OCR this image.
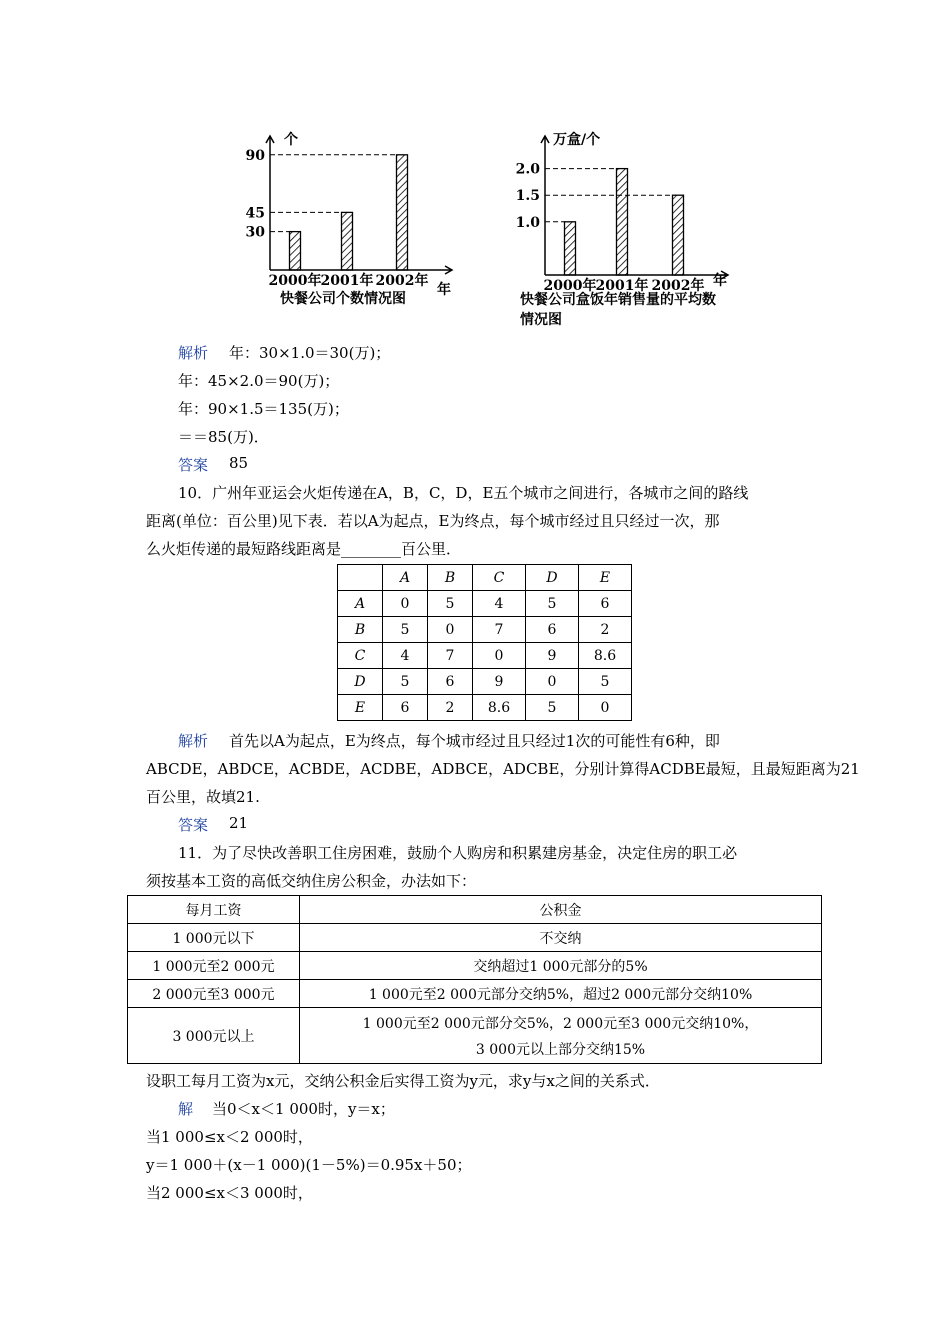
个
年
30
2000年
45
2001年
90
2002年
快餐公司个数情况图
万盒/个
年
1.0
2000年
2.0
2001年
1.5
2002年
快餐公司盒饭年销售量的平均数
情况图
解析 年：30×1.0＝30(万)；
年：45×2.0＝90(万)；
年：90×1.5＝135(万)；
＝＝85(万)．
答案 85
10．广州年亚运会火炬传递在A，B，C，D，E五个城市之间进行，各城市之间的路线
距离(单位：百公里)见下表．若以A为起点，E为终点，每个城市经过且只经过一次，那
么火炬传递的最短路线距离是________百公里．
	A	B	C	D	E
A	0	5	4	5	6
B	5	0	7	6	2
C	4	7	0	9	8.6
D	5	6	9	0	5
E	6	2	8.6	5	0
解析 首先以A为起点，E为终点，每个城市经过且只经过1次的可能性有6种，即
ABCDE，ABDCE，ACBDE，ACDBE，ADBCE，ADCBE，分别计算得ACDBE最短，且最短距离为21
百公里，故填21.
答案 21
11．为了尽快改善职工住房困难，鼓励个人购房和积累建房基金，决定住房的职工必
须按基本工资的高低交纳住房公积金，办法如下：
每月工资	公积金
1 000元以下	不交纳
1 000元至2 000元	交纳超过1 000元部分的5%
2 000元至3 000元	1 000元至2 000元部分交纳5%，超过2 000元部分交纳10%
3 000元以上	1 000元至2 000元部分交5%，2 000元至3 000元交纳10%，
3 000元以上部分交纳15%
设职工每月工资为x元，交纳公积金后实得工资为y元，求y与x之间的关系式．
解 当0＜x＜1 000时，y＝x；
当1 000≤x＜2 000时，
y＝1 000＋(x－1 000)(1－5%)＝0.95x＋50；
当2 000≤x＜3 000时，
